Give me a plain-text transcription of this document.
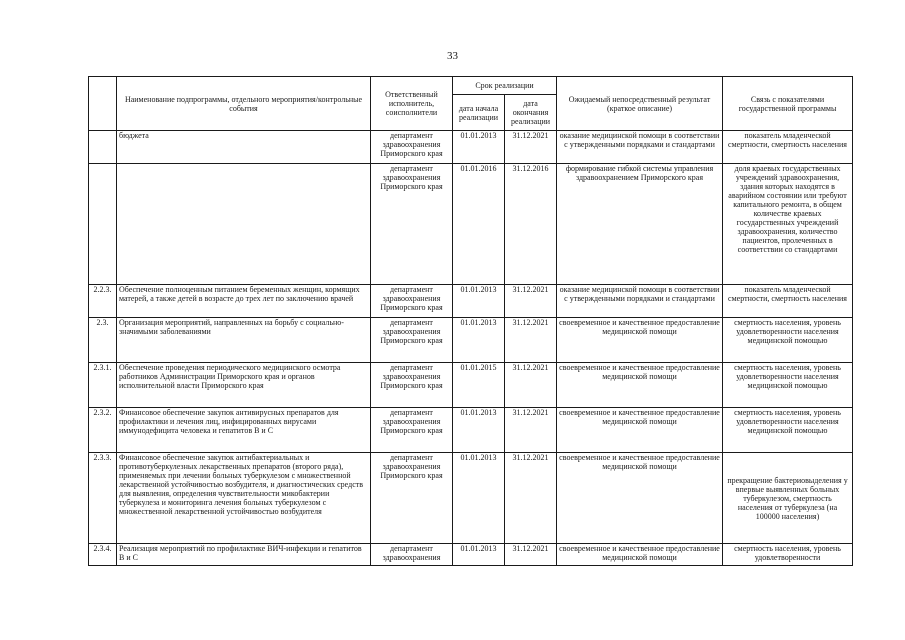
33
	Наименование подпрограммы, отдельного мероприятия/контрольные события	Ответственный исполнитель, соисполнители	Срок реализации		Ожидаемый непосредственный результат (краткое описание)	Связь с показателями государственной программы
			дата начала реализации	дата окончания реализации		
	бюджета	департамент здравоохранения Приморского края	01.01.2013	31.12.2021	оказание медицинской помощи в соответствии с утвержденными порядками и стандартами	показатель младенческой смертности, смертность населения
		департамент здравоохранения Приморского края	01.01.2016	31.12.2016	формирование гибкой системы управления здравоохранением Приморского края	доля краевых государственных учреждений здравоохранения, здания которых находятся в аварийном состоянии или требуют капитального ремонта, в общем количестве краевых государственных учреждений здравоохранения, количество пациентов, пролеченных в соответствии со стандартами
2.2.3.	Обеспечение полноценным питанием беременных женщин, кормящих матерей, а также детей в возрасте до трех лет по заключению врачей	департамент здравоохранения Приморского края	01.01.2013	31.12.2021	оказание медицинской помощи в соответствии с утвержденными порядками и стандартами	показатель младенческой смертности, смертность населения
2.3.	Организация мероприятий, направленных на борьбу с социально-значимыми заболеваниями	департамент здравоохранения Приморского края	01.01.2013	31.12.2021	своевременное и качественное предоставление медицинской помощи	смертность населения, уровень удовлетворенности населения медицинской помощью
2.3.1.	Обеспечение проведения периодического медицинского осмотра работников Администрации Приморского края и органов исполнительной власти Приморского края	департамент здравоохранения Приморского края	01.01.2015	31.12.2021	своевременное и качественное предоставление медицинской помощи	смертность населения, уровень удовлетворенности населения медицинской помощью
2.3.2.	Финансовое обеспечение закупок антивирусных препаратов для профилактики и лечения лиц, инфицированных вирусами иммунодефицита человека и гепатитов В и С	департамент здравоохранения Приморского края	01.01.2013	31.12.2021	своевременное и качественное предоставление медицинской помощи	смертность населения, уровень удовлетворенности населения медицинской помощью
2.3.3.	Финансовое обеспечение закупок антибактериальных и противотуберкулезных лекарственных препаратов (второго ряда), применяемых при лечении больных туберкулезом с множественной лекарственной устойчивостью возбудителя, и диагностических средств для выявления, определения чувствительности микобактерии туберкулеза и мониторинга лечения больных туберкулезом с множественной лекарственной устойчивостью возбудителя	департамент здравоохранения Приморского края	01.01.2013	31.12.2021	своевременное и качественное предоставление медицинской помощи	прекращение бактериовыделения у впервые выявленных больных туберкулезом, смертность населения от туберкулеза (на 100000 населения)
2.3.4.	Реализация мероприятий по профилактике ВИЧ-инфекции и гепатитов В и С	департамент здравоохранения	01.01.2013	31.12.2021	своевременное и качественное предоставление медицинской помощи	смертность населения, уровень удовлетворенности
